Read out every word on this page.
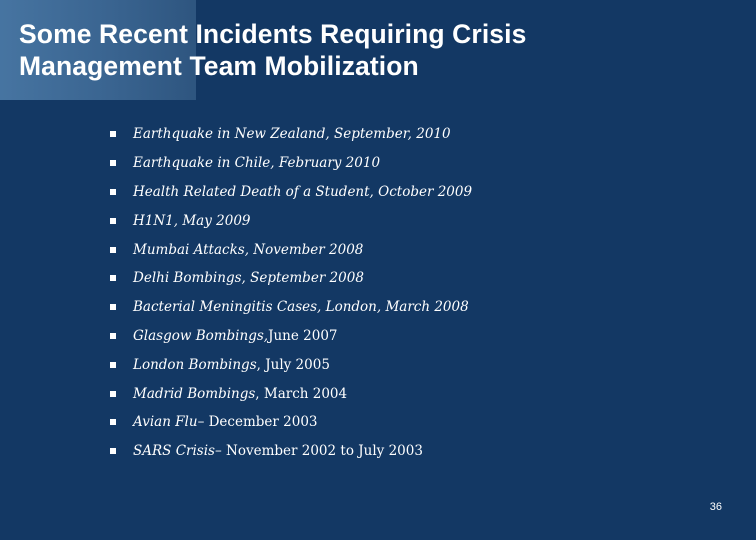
Some Recent Incidents Requiring Crisis
Management Team Mobilization
Earthquake in New Zealand, September, 2010
Earthquake in Chile, February 2010
Health Related Death of a Student, October 2009
H1N1, May 2009
Mumbai Attacks, November 2008
Delhi Bombings, September 2008
Bacterial Meningitis Cases, London, March 2008
Glasgow Bombings, June 2007
London Bombings , July 2005
Madrid Bombings , March 2004
Avian Flu – December 2003
SARS Crisis – November 2002 to July 2003
36
